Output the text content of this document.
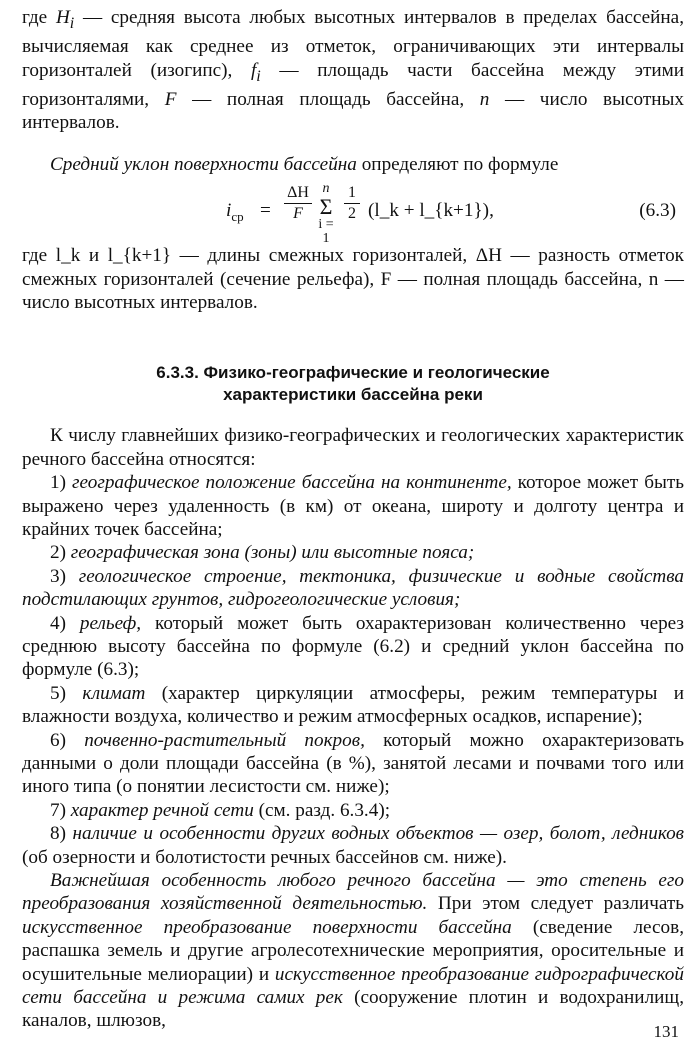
где $H_i$ — средняя высота любых высотных интервалов в пределах бассейна, вычисляемая как среднее из отметок, ограничивающих эти интервалы горизонталей (изогипс), $f_i$ — площадь части бассейна между этими горизонталями, F — полная площадь бассейна, n — число высотных интервалов.

Средний уклон поверхности бассейна определяют по формуле

$i_{ср}$ =
ΔH
F
n
Σ
i = 1
1
2 (l_k + l_{k+1}),	(6.3)

где l_k и l_{k+1} — длины смежных горизонталей, ΔH — разность отметок смежных горизонталей (сечение рельефа), F — полная площадь бассейна, n — число высотных интервалов.

6.3.3. Физико-географические и геологические
характеристики бассейна реки

К числу главнейших физико-географических и геологических характеристик речного бассейна относятся:

1) географическое положение бассейна на континенте, которое может быть выражено через удаленность (в км) от океана, широту и долготу центра и крайних точек бассейна;

2) географическая зона (зоны) или высотные пояса;

3) геологическое строение, тектоника, физические и водные свойства подстилающих грунтов, гидрогеологические условия;

4) рельеф, который может быть охарактеризован количественно через среднюю высоту бассейна по формуле (6.2) и средний уклон бассейна по формуле (6.3);

5) климат (характер циркуляции атмосферы, режим температуры и влажности воздуха, количество и режим атмосферных осадков, испарение);

6) почвенно-растительный покров, который можно охарактеризовать данными о доли площади бассейна (в %), занятой лесами и почвами того или иного типа (о понятии лесистости см. ниже);

7) характер речной сети (см. разд. 6.3.4);

8) наличие и особенности других водных объектов — озер, болот, ледников (об озерности и болотистости речных бассейнов см. ниже).

Важнейшая особенность любого речного бассейна — это степень его преобразования хозяйственной деятельностью. При этом следует различать искусственное преобразование поверхности бассейна (сведение лесов, распашка земель и другие агролесотехнические мероприятия, оросительные и осушительные мелиорации) и искусственное преобразование гидрографической сети бассейна и режима самих рек (сооружение плотин и водохранилищ, каналов, шлюзов,

131
